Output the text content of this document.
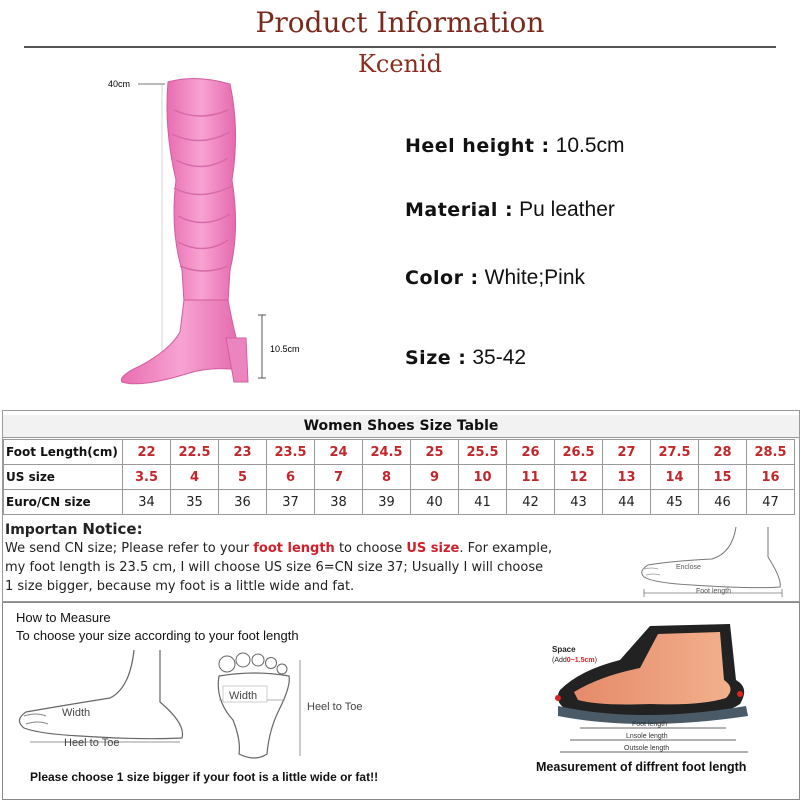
Product Information
Kcenid
40cm
10.5cm
Heel height : 10.5cm
Material : Pu leather
Color : White;Pink
Size : 35-42
Women Shoes Size Table
Foot Length(cm)	22	22.5	23	23.5	24	24.5	25	25.5	26	26.5	27	27.5	28	28.5
US size	3.5	4	5	6	7	8	9	10	11	12	13	14	15	16
Euro/CN size	34	35	36	37	38	39	40	41	42	43	44	45	46	47
Importan Notice:
We send CN size; Please refer to your foot length to choose US size. For example,
my foot length is 23.5 cm, I will choose US size 6=CN size 37; Usually I will choose
1 size bigger, because my foot is a little wide and fat.
Enclose
Foot length
How to Measure
To choose your size according to your foot length
Width
Heel to Toe
Width
Heel to Toe
Please choose 1 size bigger if your foot is a little wide or fat!!
Foot length
Lnsole length
Outsole length
Space
(Add0~1.5cm)
Measurement of diffrent foot length
